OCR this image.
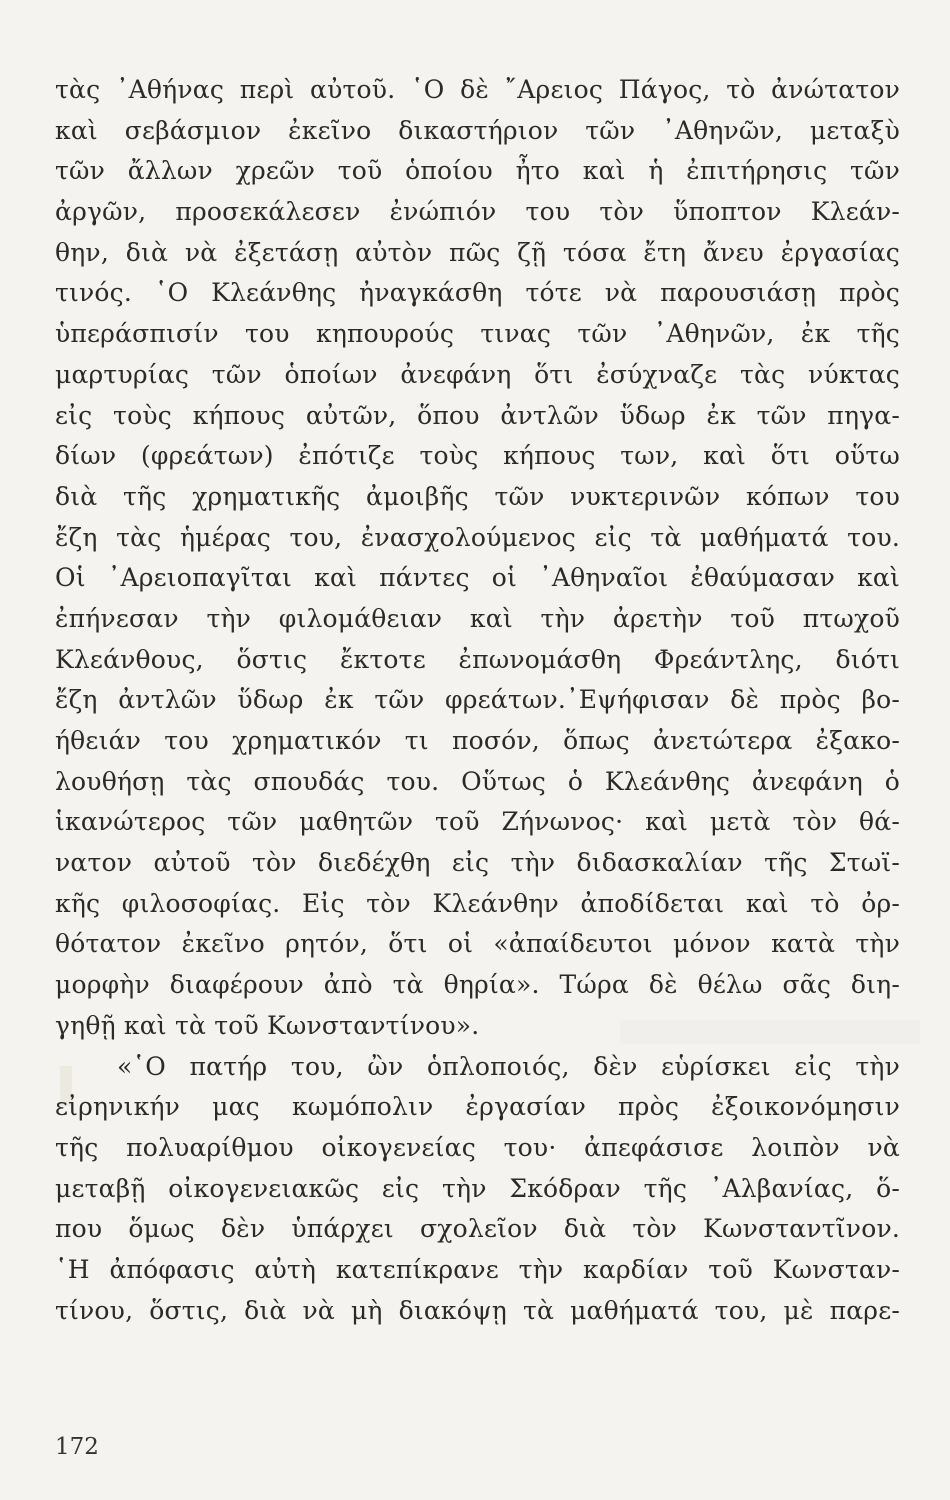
τὰς ᾿Αθήνας περὶ αὐτοῦ. ῾Ο δὲ ῎Αρειος Πάγος, τὸ ἀνώτατον
καὶ σεβάσμιον ἐκεῖνο δικαστήριον τῶν ᾿Αθηνῶν, μεταξὺ
τῶν ἄλλων χρεῶν τοῦ ὁποίου ἦτο καὶ ἡ ἐπιτήρησις τῶν
ἀργῶν, προσεκάλεσεν ἐνώπιόν του τὸν ὕποπτον Κλεάν-
θην, διὰ νὰ ἐξετάσῃ αὐτὸν πῶς ζῇ τόσα ἔτη ἄνευ ἐργασίας
τινός. ῾Ο Κλεάνθης ἠναγκάσθη τότε νὰ παρουσιάσῃ πρὸς
ὑπεράσπισίν του κηπουρούς τινας τῶν ᾿Αθηνῶν, ἐκ τῆς
μαρτυρίας τῶν ὁποίων ἀνεφάνη ὅτι ἐσύχναζε τὰς νύκτας
εἰς τοὺς κήπους αὐτῶν, ὅπου ἀντλῶν ὕδωρ ἐκ τῶν πηγα-
δίων (φρεάτων) ἐπότιζε τοὺς κήπους των, καὶ ὅτι οὕτω
διὰ τῆς χρηματικῆς ἀμοιβῆς τῶν νυκτερινῶν κόπων του
ἔζη τὰς ἡμέρας του, ἐνασχολούμενος εἰς τὰ μαθήματά του.
Οἱ ᾿Αρειοπαγῖται καὶ πάντες οἱ ᾿Αθηναῖοι ἐθαύμασαν καὶ
ἐπήνεσαν τὴν φιλομάθειαν καὶ τὴν ἀρετὴν τοῦ πτωχοῦ
Κλεάνθους, ὅστις ἔκτοτε ἐπωνομάσθη Φρεάντλης, διότι
ἔζη ἀντλῶν ὕδωρ ἐκ τῶν φρεάτων.᾿Εψήφισαν δὲ πρὸς βο-
ήθειάν του χρηματικόν τι ποσόν, ὅπως ἀνετώτερα ἐξακο-
λουθήσῃ τὰς σπουδάς του. Οὕτως ὁ Κλεάνθης ἀνεφάνη ὁ
ἱκανώτερος τῶν μαθητῶν τοῦ Ζήνωνος· καὶ μετὰ τὸν θά-
νατον αὐτοῦ τὸν διεδέχθη εἰς τὴν διδασκαλίαν τῆς Στωϊ-
κῆς φιλοσοφίας. Εἰς τὸν Κλεάνθην ἀποδίδεται καὶ τὸ ὀρ-
θότατον ἐκεῖνο ρητόν, ὅτι οἱ «ἀπαίδευτοι μόνον κατὰ τὴν
μορφὴν διαφέρουν ἀπὸ τὰ θηρία». Τώρα δὲ θέλω σᾶς διη-
γηθῇ καὶ τὰ τοῦ Κωνσταντίνου».
«῾Ο πατήρ του, ὢν ὁπλοποιός, δὲν εὑρίσκει εἰς τὴν
εἰρηνικήν μας κωμόπολιν ἐργασίαν πρὸς ἐξοικονόμησιν
τῆς πολυαρίθμου οἰκογενείας του· ἀπεφάσισε λοιπὸν νὰ
μεταβῇ οἰκογενειακῶς εἰς τὴν Σκόδραν τῆς ᾿Αλβανίας, ὅ-
που ὅμως δὲν ὑπάρχει σχολεῖον διὰ τὸν Κωνσταντῖνον.
῾Η ἀπόφασις αὐτὴ κατεπίκρανε τὴν καρδίαν τοῦ Κωνσταν-
τίνου, ὅστις, διὰ νὰ μὴ διακόψῃ τὰ μαθήματά του, μὲ παρε-
172
